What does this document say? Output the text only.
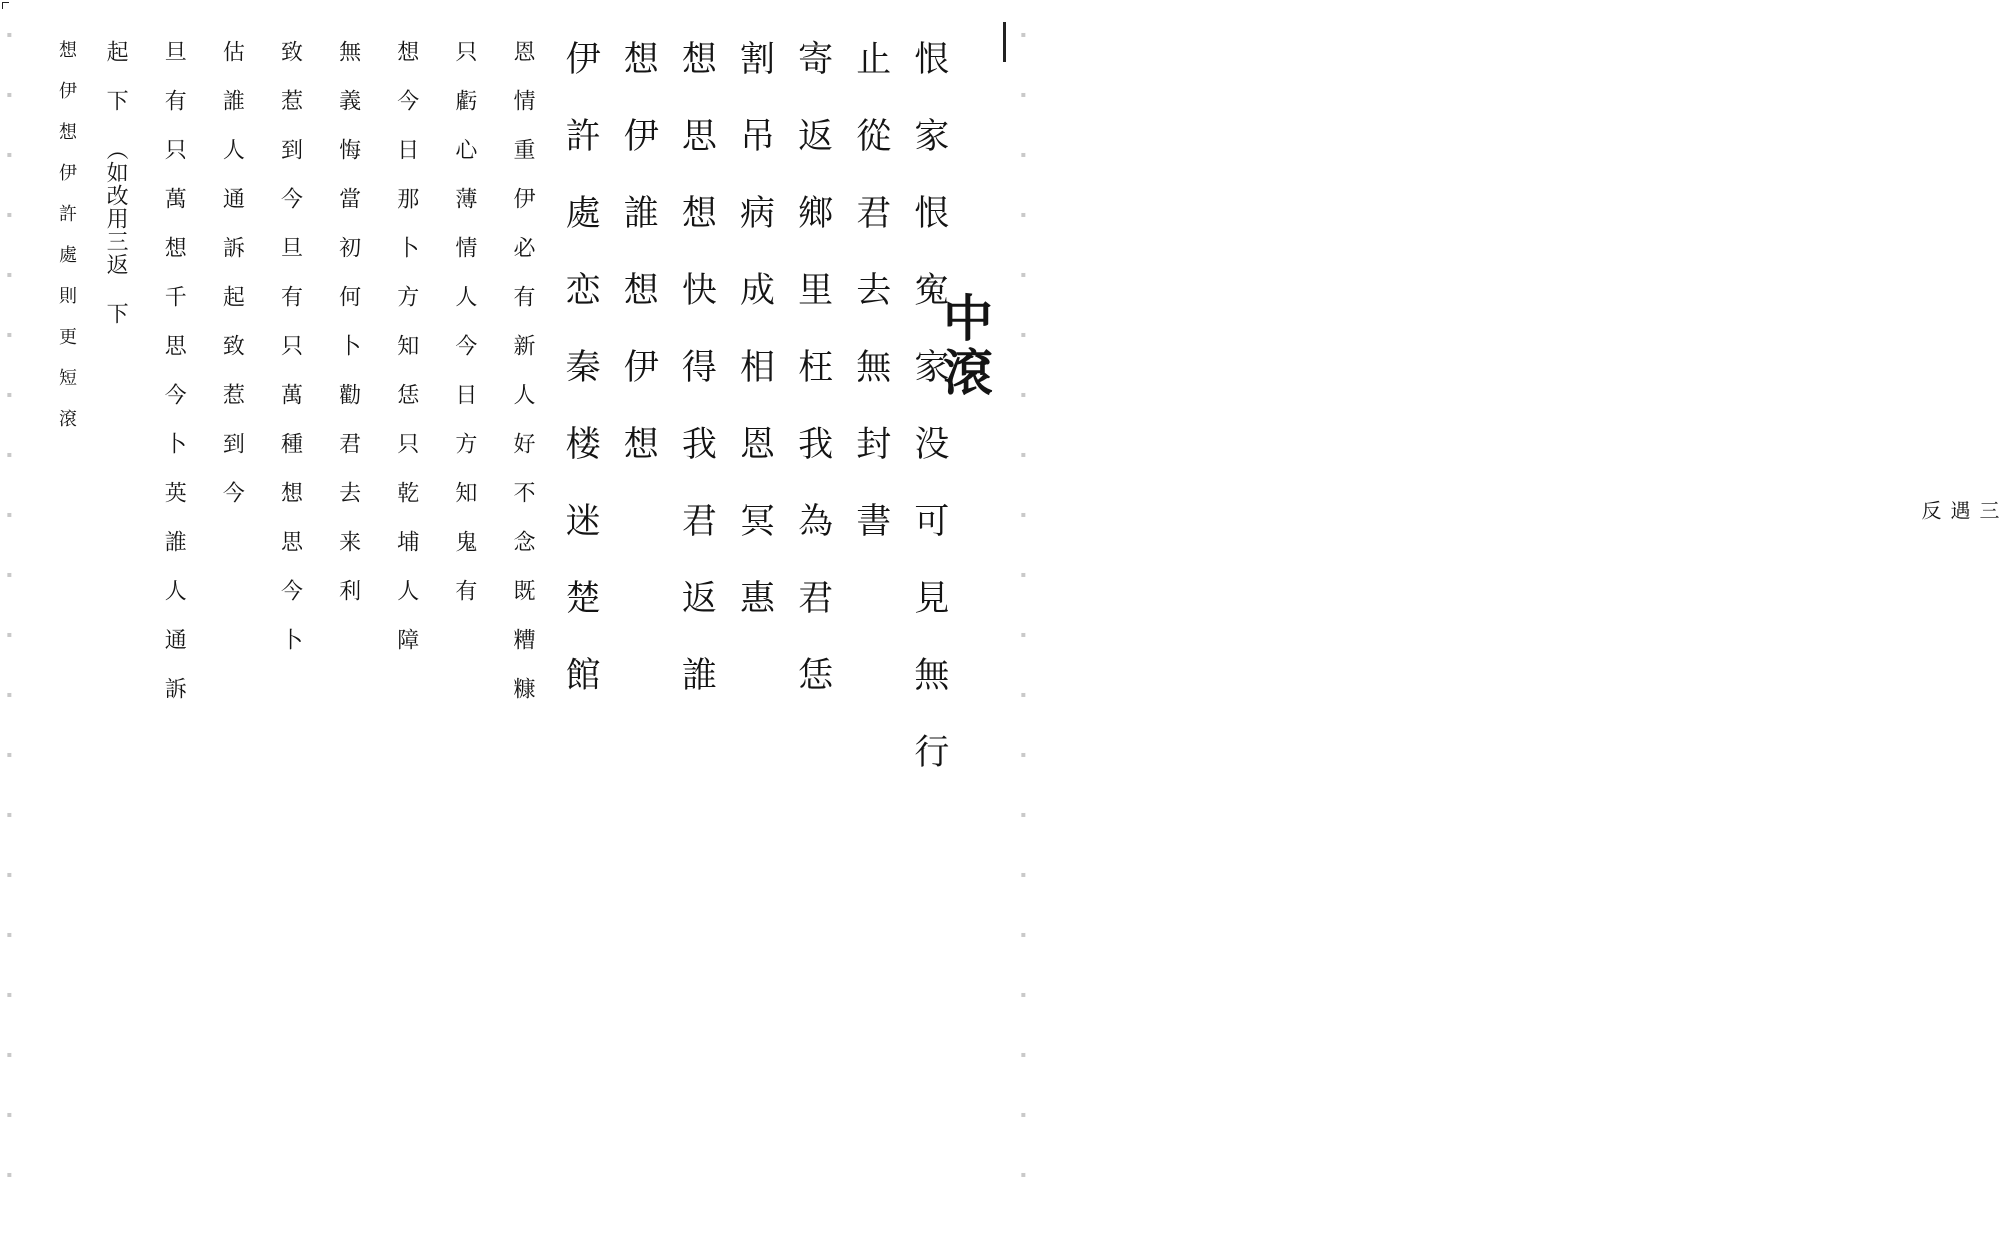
▪
▪
▪
▪
▪
▪
▪
▪
▪
▪
▪
▪
▪
▪
▪
▪
▪
▪
▪
▪
▪
▪
▪
▪
▪
▪
▪
▪
▪
▪
▪
▪
▪
▪
▪
▪
▪
▪
▪
▪
中滾
三遇反
恨 家 恨 寃 家 没 可 見 無 行
止 從 君 去 無 封 書
寄 返 鄉 里 枉 我 為 君 恁
割 吊 病 成 相 恩 冥 惠
想 思 想 快 得 我 君 返 誰
想 伊 誰 想 伊 想
伊 許 處 恋 秦 楼 迷 楚 館
恩 情 重 伊 必 有 新 人 好 不 念 既 糟 糠
只 虧 心 薄 情 人 今 日 方 知 鬼 有
想 今 日 那 卜 方 知 恁 只 乾 埔 人 障
無 義 悔 當 初 何 卜 勸 君 去 来 利
致 惹 到 今 旦 有 只 萬 種 想 思 今 卜
估 誰 人 通 訴 起 致 惹 到 今
旦 有 只 萬 想 千 思 今 卜 英 誰 人 通 訴
起 下 （如改用三返 下
想 伊 想 伊 許 處 則 更 短 滾
